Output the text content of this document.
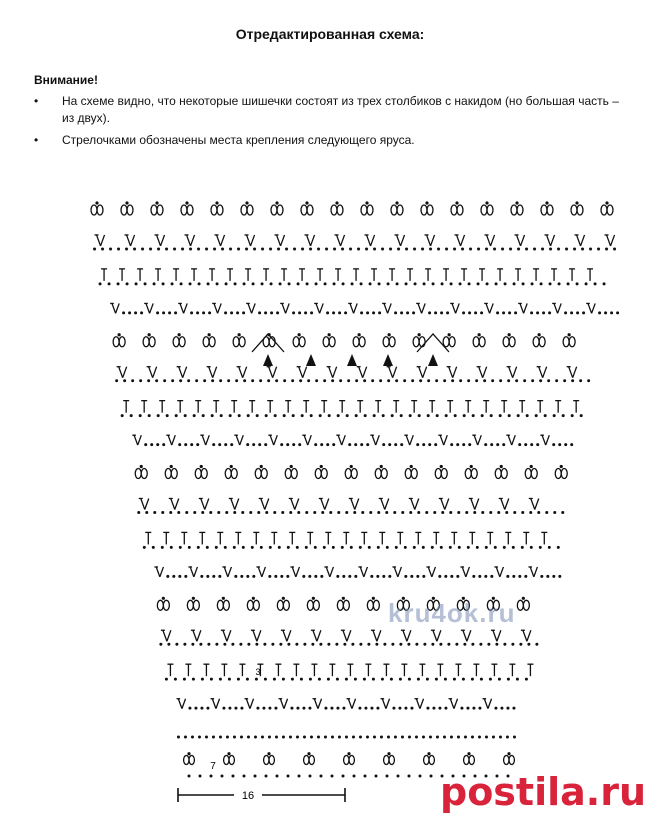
Отредактированная схема:
Внимание!
• На схеме видно, что некоторые шишечки состоят из трех столбиков с накидом (но большая часть – из двух).
• Стрелочками обозначены места крепления следующего яруса.
16
7
3
kru4ok.ru
postila.ru
